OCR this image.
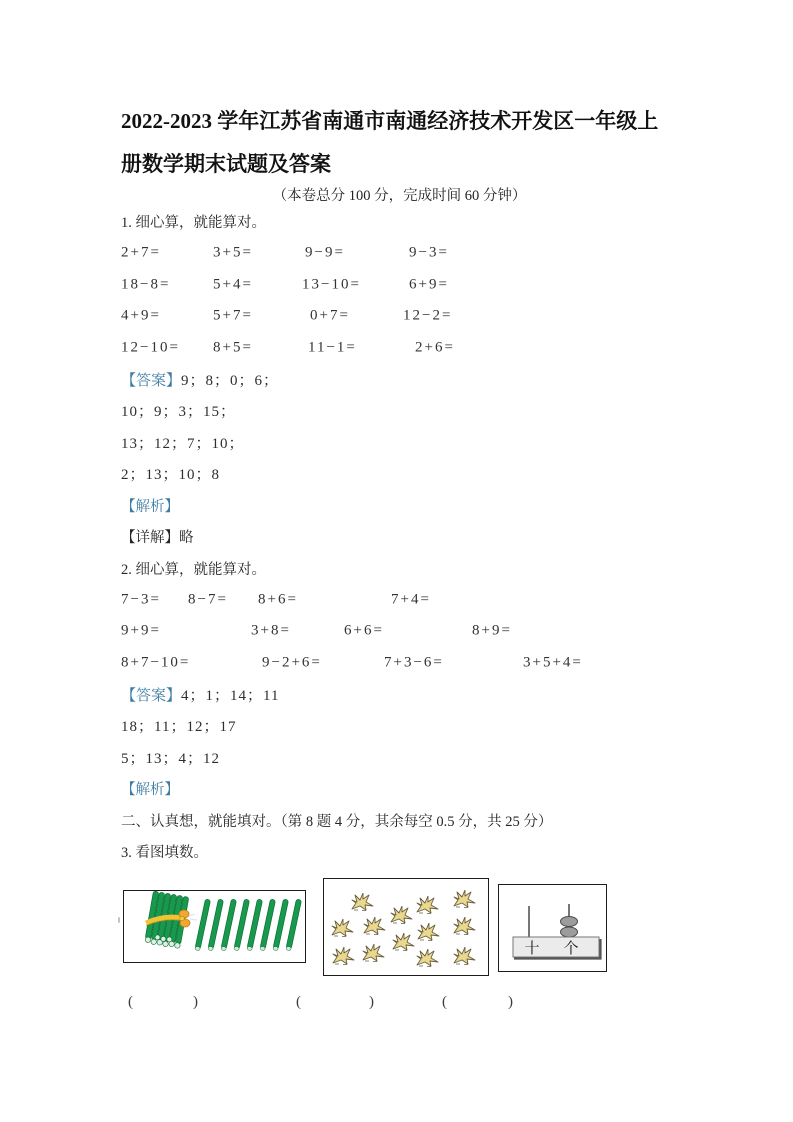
2022-2023 学年江苏省南通市南通经济技术开发区一年级上
册数学期末试题及答案
（本卷总分 100 分，完成时间 60 分钟）
1. 细心算，就能算对。
2+7=	3+5=	9−9=	9−3=
18−8=	5+4=	13−10=	6+9=
4+9=	5+7=	0+7=	12−2=
12−10= 8+5=	11−1=	2+6=
【答案】 9；8；0；6；
10；9；3；15；
13；12；7；10；
2；13；10；8
【解析】
【详解】 略
2. 细心算，就能算对。
7−3= 8−7= 8+6=	7+4=
9+9=	3+8=	6+6=	8+9=
8+7−10=	9−2+6=	7+3−6=	3+5+4=
【答案】 4；1；14；11
18；11；12；17
5；13；4；12
【解析】
二、认真想，就能填对。（第 8 题 4 分，其余每空 0.5 分，共 25 分）
3. 看图填数。
十 个
(	)	(	)	(	)
